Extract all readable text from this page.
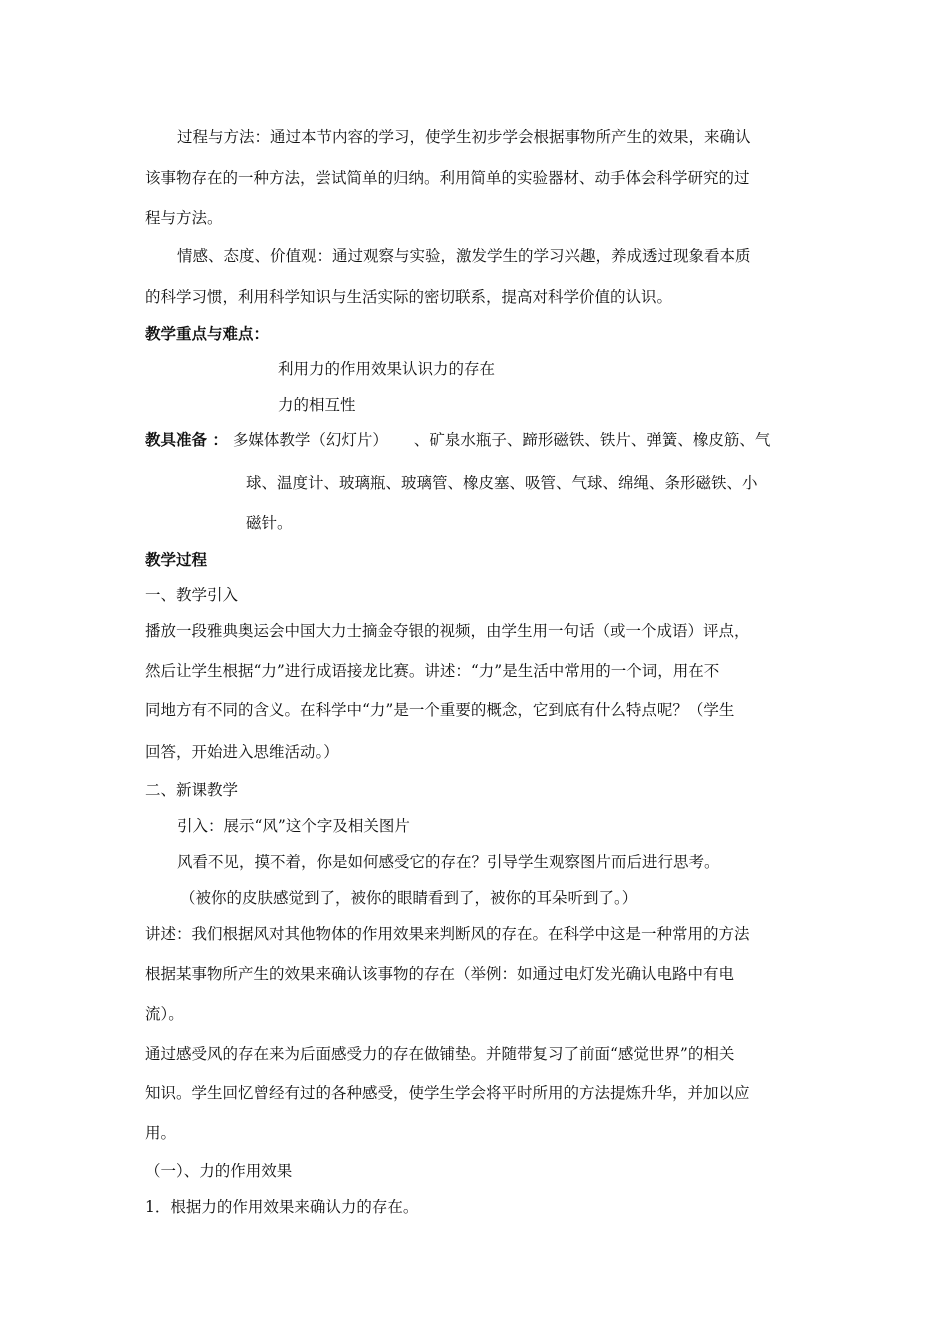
过程与方法：通过本节内容的学习，使学生初步学会根据事物所产生的效果，来确认
该事物存在的一种方法，尝试简单的归纳。利用简单的实验器材、动手体会科学研究的过
程与方法。
情感、态度、价值观：通过观察与实验，激发学生的学习兴趣，养成透过现象看本质
的科学习惯，利用科学知识与生活实际的密切联系，提高对科学价值的认识。
教学重点与难点：
利用力的作用效果认识力的存在
力的相互性
教具准备 ： 多媒体教学（幻灯片） 、矿泉水瓶子、蹄形磁铁、铁片、弹簧、橡皮筋、气
球、温度计、玻璃瓶、玻璃管、橡皮塞、吸管、气球、绵绳、条形磁铁、小
磁针。
教学过程
一、教学引入
播放一段雅典奥运会中国大力士摘金夺银的视频，由学生用一句话（或一个成语）评点，
然后让学生根据“力”进行成语接龙比赛。讲述：“力”是生活中常用的一个词，用在不
同地方有不同的含义。在科学中“力”是一个重要的概念，它到底有什么特点呢？（学生
回答，开始进入思维活动。）
二、新课教学
引入：展示“风”这个字及相关图片
风看不见，摸不着，你是如何感受它的存在？引导学生观察图片而后进行思考。
（被你的皮肤感觉到了，被你的眼睛看到了，被你的耳朵听到了。）
讲述：我们根据风对其他物体的作用效果来判断风的存在。在科学中这是一种常用的方法
根据某事物所产生的效果来确认该事物的存在（举例：如通过电灯发光确认电路中有电
流）。
通过感受风的存在来为后面感受力的存在做铺垫。并随带复习了前面“感觉世界”的相关
知识。学生回忆曾经有过的各种感受，使学生学会将平时所用的方法提炼升华，并加以应
用。
（一）、力的作用效果
1．根据力的作用效果来确认力的存在。
